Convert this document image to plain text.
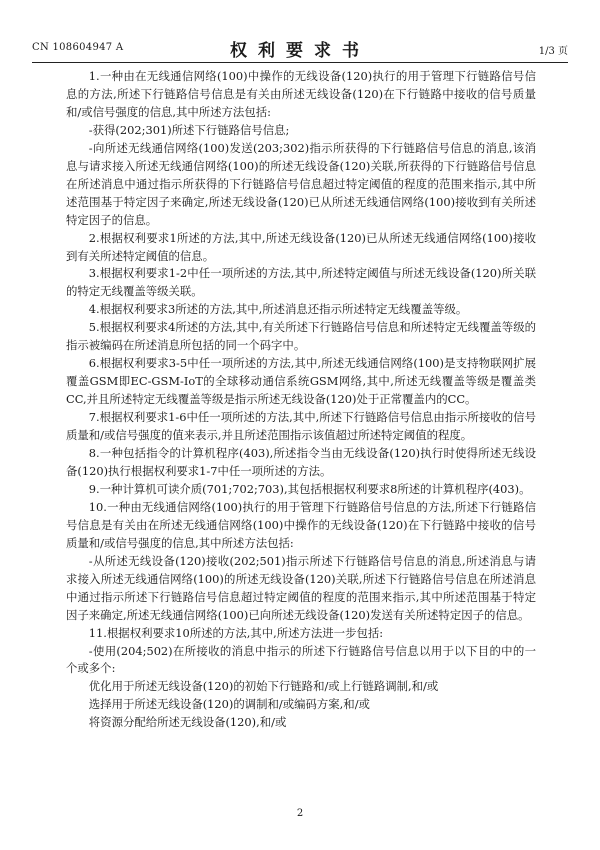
CN 108604947 A	权利要求书	1/3 页

1.一种由在无线通信网络(100)中操作的无线设备(120)执行的用于管理下行链路信号信息的方法,所述下行链路信号信息是有关由所述无线设备(120)在下行链路中接收的信号质量和/或信号强度的信息,其中所述方法包括:

-获得(202;301)所述下行链路信号信息;

-向所述无线通信网络(100)发送(203;302)指示所获得的下行链路信号信息的消息,该消息与请求接入所述无线通信网络(100)的所述无线设备(120)关联,所获得的下行链路信号信息在所述消息中通过指示所获得的下行链路信号信息超过特定阈值的程度的范围来指示,其中所述范围基于特定因子来确定,所述无线设备(120)已从所述无线通信网络(100)接收到有关所述特定因子的信息。

2.根据权利要求1所述的方法,其中,所述无线设备(120)已从所述无线通信网络(100)接收到有关所述特定阈值的信息。

3.根据权利要求1-2中任一项所述的方法,其中,所述特定阈值与所述无线设备(120)所关联的特定无线覆盖等级关联。

4.根据权利要求3所述的方法,其中,所述消息还指示所述特定无线覆盖等级。

5.根据权利要求4所述的方法,其中,有关所述下行链路信号信息和所述特定无线覆盖等级的指示被编码在所述消息所包括的同一个码字中。

6.根据权利要求3-5中任一项所述的方法,其中,所述无线通信网络(100)是支持物联网扩展覆盖GSM即EC-GSM-IoT的全球移动通信系统GSM网络,其中,所述无线覆盖等级是覆盖类CC,并且所述特定无线覆盖等级是指示所述无线设备(120)处于正常覆盖内的CC。

7.根据权利要求1-6中任一项所述的方法,其中,所述下行链路信号信息由指示所接收的信号质量和/或信号强度的值来表示,并且所述范围指示该值超过所述特定阈值的程度。

8.一种包括指令的计算机程序(403),所述指令当由无线设备(120)执行时使得所述无线设备(120)执行根据权利要求1-7中任一项所述的方法。

9.一种计算机可读介质(701;702;703),其包括根据权利要求8所述的计算机程序(403)。

10.一种由无线通信网络(100)执行的用于管理下行链路信号信息的方法,所述下行链路信号信息是有关由在所述无线通信网络(100)中操作的无线设备(120)在下行链路中接收的信号质量和/或信号强度的信息,其中所述方法包括:

-从所述无线设备(120)接收(202;501)指示所述下行链路信号信息的消息,所述消息与请求接入所述无线通信网络(100)的所述无线设备(120)关联,所述下行链路信号信息在所述消息中通过指示所述下行链路信号信息超过特定阈值的程度的范围来指示,其中所述范围基于特定因子来确定,所述无线通信网络(100)已向所述无线设备(120)发送有关所述特定因子的信息。

11.根据权利要求10所述的方法,其中,所述方法进一步包括:

-使用(204;502)在所接收的消息中指示的所述下行链路信号信息以用于以下目的中的一个或多个:

优化用于所述无线设备(120)的初始下行链路和/或上行链路调制,和/或

选择用于所述无线设备(120)的调制和/或编码方案,和/或

将资源分配给所述无线设备(120),和/或

2
